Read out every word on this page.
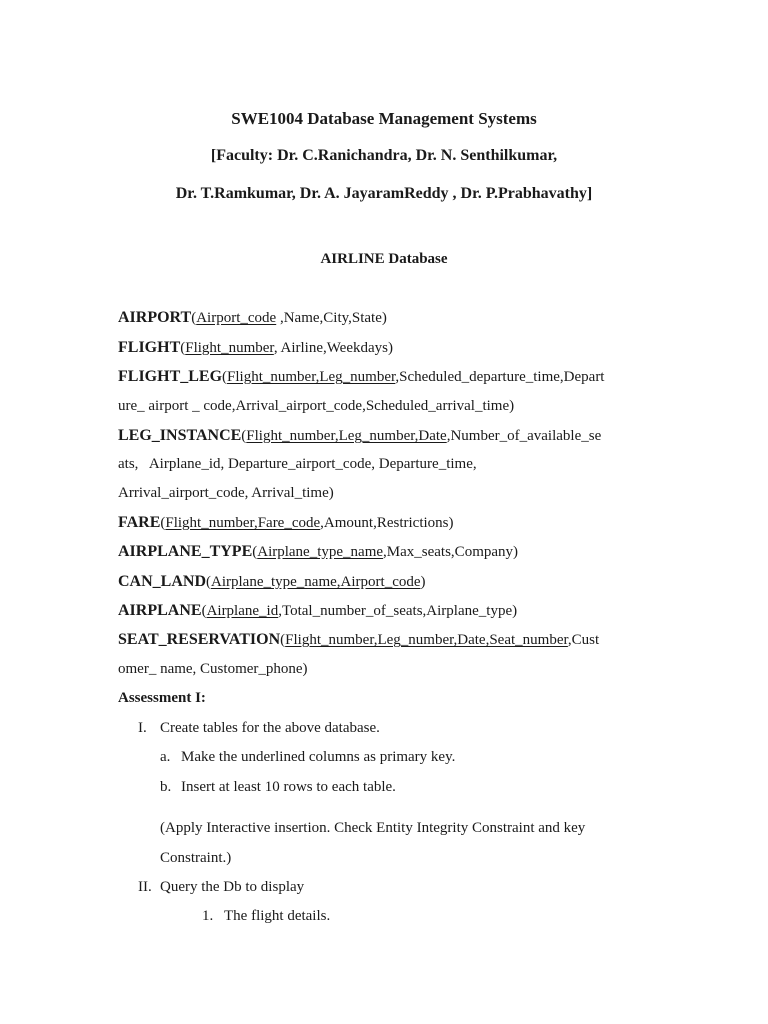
SWE1004 Database Management Systems
[Faculty: Dr. C.Ranichandra, Dr. N. Senthilkumar,
Dr. T.Ramkumar, Dr. A. JayaramReddy , Dr. P.Prabhavathy]
AIRLINE Database
AIRPORT(Airport_code ,Name,City,State)
FLIGHT(Flight_number, Airline,Weekdays)
FLIGHT_LEG(Flight_number,Leg_number,Scheduled_departure_time,Depart
ure_ airport _ code,Arrival_airport_code,Scheduled_arrival_time)
LEG_INSTANCE(Flight_number,Leg_number,Date,Number_of_available_se
ats,   Airplane_id, Departure_airport_code, Departure_time,
Arrival_airport_code, Arrival_time)
FARE(Flight_number,Fare_code,Amount,Restrictions)
AIRPLANE_TYPE(Airplane_type_name,Max_seats,Company)
CAN_LAND(Airplane_type_name,Airport_code)
AIRPLANE(Airplane_id,Total_number_of_seats,Airplane_type)
SEAT_RESERVATION(Flight_number,Leg_number,Date,Seat_number,Cust
omer_ name, Customer_phone)
Assessment I:
I. Create tables for the above database.
a. Make the underlined columns as primary key.
b. Insert at least 10 rows to each table.
(Apply Interactive insertion. Check Entity Integrity Constraint and key
Constraint.)
II. Query the Db to display
1. The flight details.
